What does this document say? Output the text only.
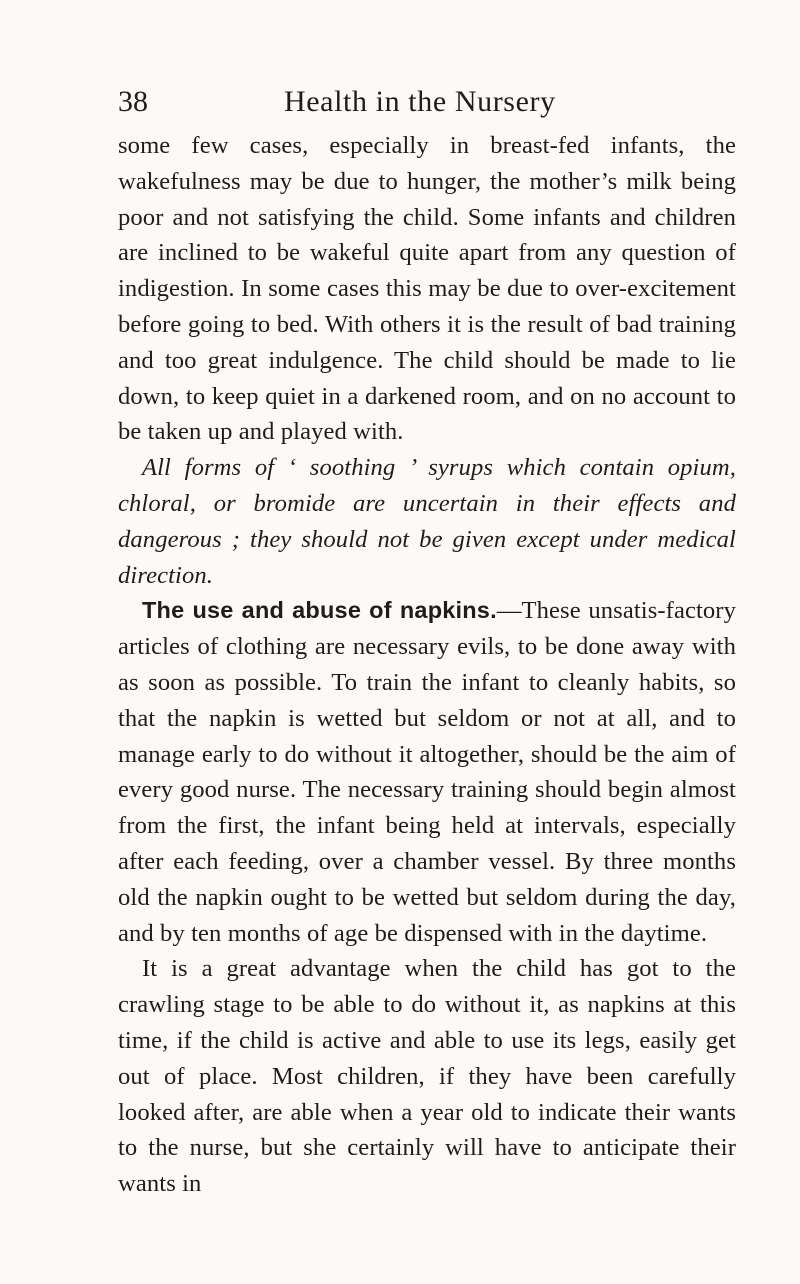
38	Health in the Nursery

some few cases, especially in breast-fed infants, the wakefulness may be due to hunger, the mother’s milk being poor and not satisfying the child. Some infants and children are inclined to be wakeful quite apart from any question of indigestion. In some cases this may be due to over-excitement before going to bed. With others it is the result of bad training and too great indulgence. The child should be made to lie down, to keep quiet in a darkened room, and on no account to be taken up and played with.

All forms of ‘ soothing ’ syrups which contain opium, chloral, or bromide are uncertain in their effects and dangerous ; they should not be given except under medical direction.

The use and abuse of napkins.—These unsatis-factory articles of clothing are necessary evils, to be done away with as soon as possible. To train the infant to cleanly habits, so that the napkin is wetted but seldom or not at all, and to manage early to do without it altogether, should be the aim of every good nurse. The necessary training should begin almost from the first, the infant being held at intervals, especially after each feeding, over a chamber vessel. By three months old the napkin ought to be wetted but seldom during the day, and by ten months of age be dispensed with in the daytime.

It is a great advantage when the child has got to the crawling stage to be able to do without it, as napkins at this time, if the child is active and able to use its legs, easily get out of place. Most children, if they have been carefully looked after, are able when a year old to indicate their wants to the nurse, but she certainly will have to anticipate their wants in
